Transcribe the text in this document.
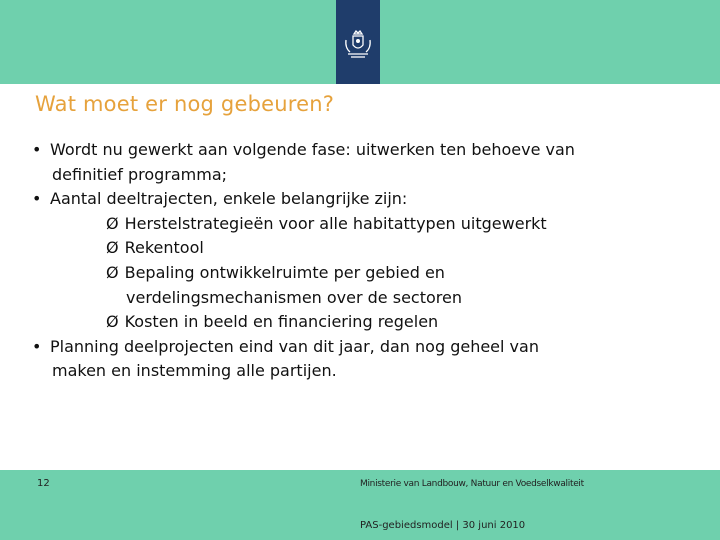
Wat moet er nog gebeuren?
• Wordt nu gewerkt aan volgende fase: uitwerken ten behoeve van
definitief programma;
• Aantal deeltrajecten, enkele belangrijke zijn:
Ø Herstelstrategieën voor alle habitattypen uitgewerkt
Ø Rekentool
Ø Bepaling ontwikkelruimte per gebied en
verdelingsmechanismen over de sectoren
Ø Kosten in beeld en financiering regelen
• Planning deelprojecten eind van dit jaar, dan nog geheel van
maken en instemming alle partijen.
12	Ministerie van Landbouw, Natuur en Voedselkwaliteit
PAS-gebiedsmodel | 30 juni 2010
